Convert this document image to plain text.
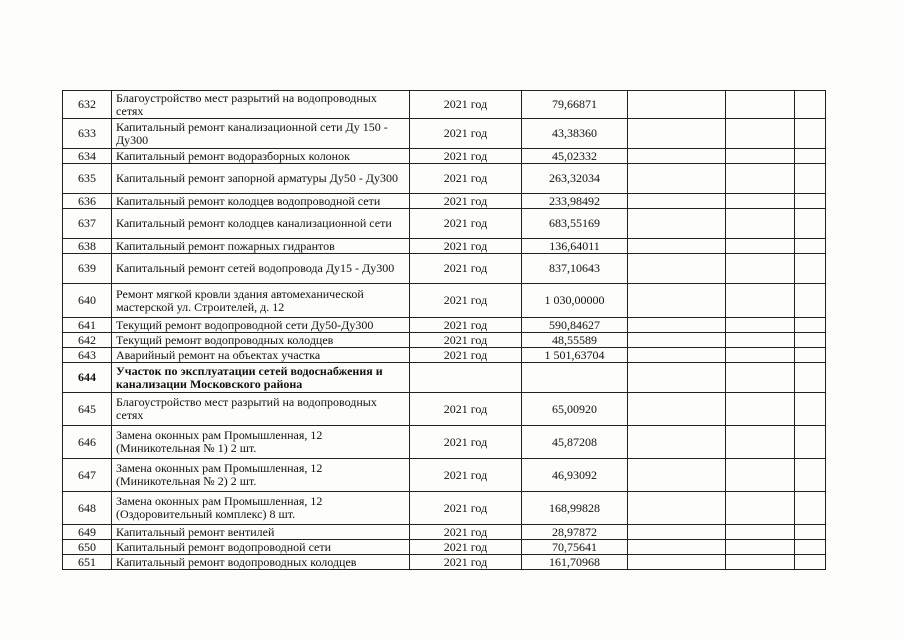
632	Благоустройство мест разрытий на водопроводных сетях	2021 год	79,66871			
633	Капитальный ремонт канализационной сети Ду 150 - Ду300	2021 год	43,38360			
634	Капитальный ремонт водоразборных колонок	2021 год	45,02332			
635	Капитальный ремонт запорной арматуры Ду50 - Ду300	2021 год	263,32034			
636	Капитальный ремонт колодцев водопроводной сети	2021 год	233,98492			
637	Капитальный ремонт колодцев канализационной сети	2021 год	683,55169			
638	Капитальный ремонт пожарных гидрантов	2021 год	136,64011			
639	Капитальный ремонт сетей водопровода Ду15 - Ду300	2021 год	837,10643			
640	Ремонт мягкой кровли здания автомеханической мастерской ул. Строителей, д. 12	2021 год	1 030,00000			
641	Текущий ремонт водопроводной сети Ду50-Ду300	2021 год	590,84627			
642	Текущий ремонт водопроводных колодцев	2021 год	48,55589			
643	Аварийный ремонт на объектах участка	2021 год	1 501,63704			
644	Участок по эксплуатации сетей водоснабжения и канализации Московского района					
645	Благоустройство мест разрытий на водопроводных сетях	2021 год	65,00920			
646	Замена оконных рам Промышленная, 12 (Миникотельная № 1) 2 шт.	2021 год	45,87208			
647	Замена оконных рам Промышленная, 12 (Миникотельная № 2) 2 шт.	2021 год	46,93092			
648	Замена оконных рам Промышленная, 12 (Оздоровительный комплекс) 8 шт.	2021 год	168,99828			
649	Капитальный ремонт вентилей	2021 год	28,97872			
650	Капитальный ремонт водопроводной сети	2021 год	70,75641			
651	Капитальный ремонт водопроводных колодцев	2021 год	161,70968			
